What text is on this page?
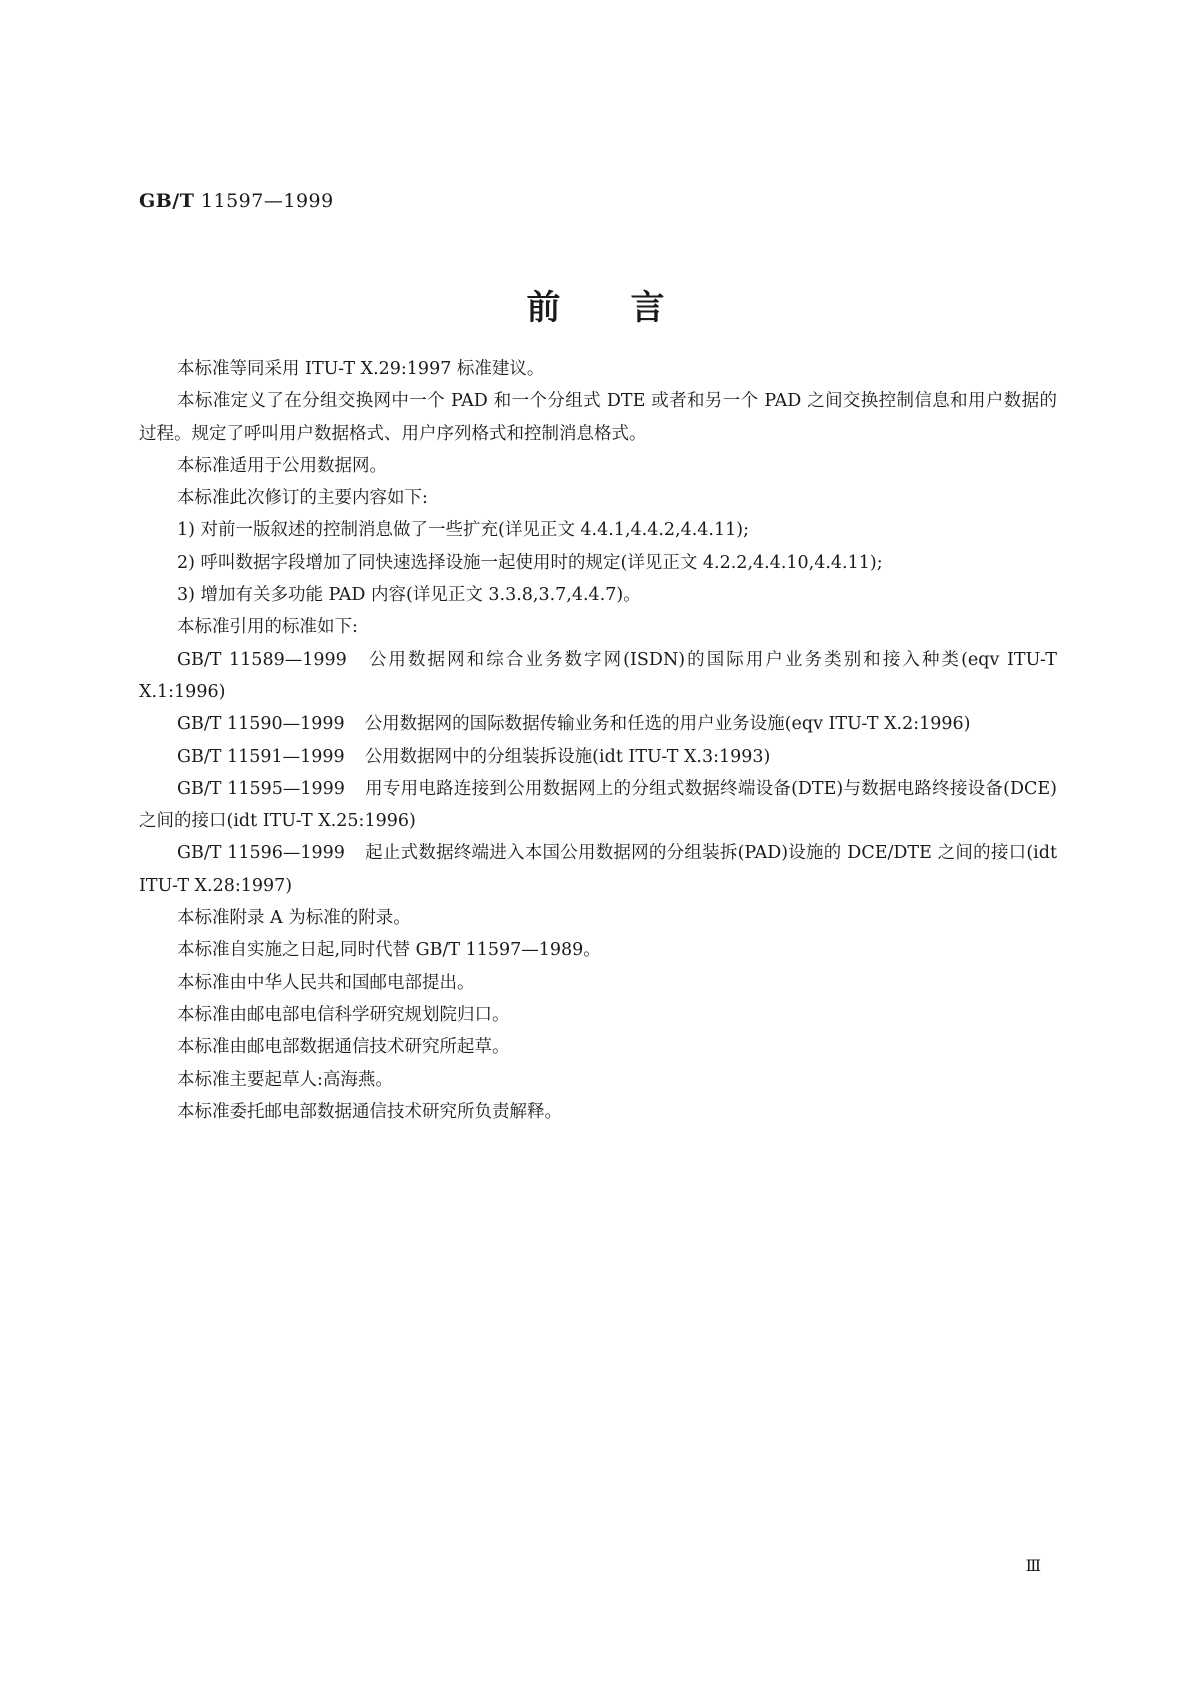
GB/T 11597—1999
前言

本标准等同采用 ITU-T X.29:1997 标准建议。

本标准定义了在分组交换网中一个 PAD 和一个分组式 DTE 或者和另一个 PAD 之间交换控制信息和用户数据的过程。规定了呼叫用户数据格式、用户序列格式和控制消息格式。

本标准适用于公用数据网。

本标准此次修订的主要内容如下:

1) 对前一版叙述的控制消息做了一些扩充(详见正文 4.4.1,4.4.2,4.4.11);

2) 呼叫数据字段增加了同快速选择设施一起使用时的规定(详见正文 4.2.2,4.4.10,4.4.11);

3) 增加有关多功能 PAD 内容(详见正文 3.3.8,3.7,4.4.7)。

本标准引用的标准如下:

GB/T 11589—1999 公用数据网和综合业务数字网(ISDN)的国际用户业务类别和接入种类(eqv ITU-T X.1:1996)

GB/T 11590—1999 公用数据网的国际数据传输业务和任选的用户业务设施(eqv ITU-T X.2:1996)

GB/T 11591—1999 公用数据网中的分组装拆设施(idt ITU-T X.3:1993)

GB/T 11595—1999 用专用电路连接到公用数据网上的分组式数据终端设备(DTE)与数据电路终接设备(DCE)之间的接口(idt ITU-T X.25:1996)

GB/T 11596—1999 起止式数据终端进入本国公用数据网的分组装拆(PAD)设施的 DCE/DTE 之间的接口(idt ITU-T X.28:1997)

本标准附录 A 为标准的附录。

本标准自实施之日起,同时代替 GB/T 11597—1989。

本标准由中华人民共和国邮电部提出。

本标准由邮电部电信科学研究规划院归口。

本标准由邮电部数据通信技术研究所起草。

本标准主要起草人:高海燕。

本标准委托邮电部数据通信技术研究所负责解释。

Ⅲ
